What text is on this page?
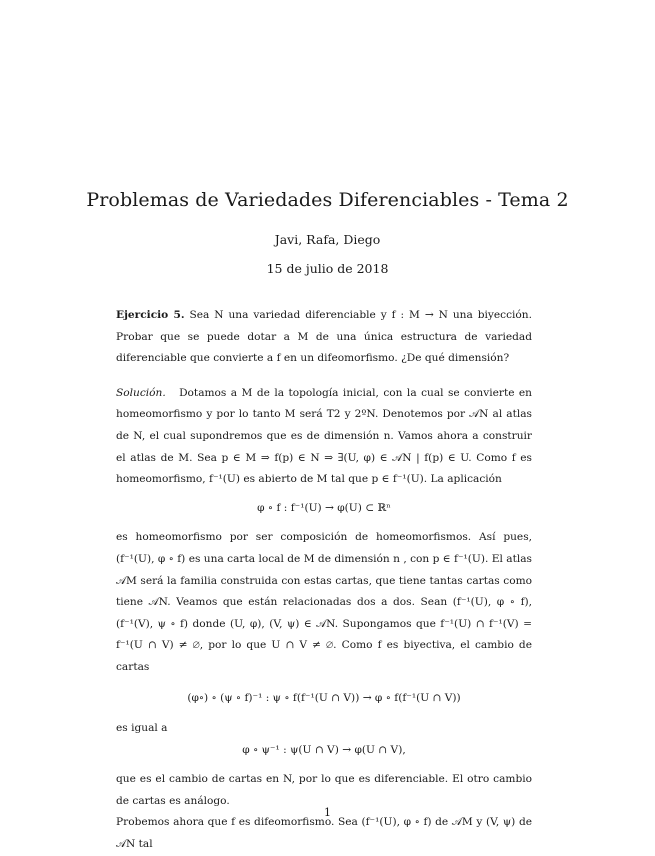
Problemas de Variedades Diferenciables - Tema 2
Javi, Rafa, Diego
15 de julio de 2018

Ejercicio 5. Sea N una variedad diferenciable y f : M → N una biyección. Probar que se puede dotar a M de una única estructura de variedad diferenciable que convierte a f en un difeomorfismo. ¿De qué dimensión?

Solución. Dotamos a M de la topología inicial, con la cual se convierte en homeomorfismo y por lo tanto M será T2 y 2ºN. Denotemos por 𝒜N al atlas de N, el cual supondremos que es de dimensión n. Vamos ahora a construir el atlas de M. Sea p ∈ M ⇒ f(p) ∈ N ⇒ ∃(U, φ) ∈ 𝒜N | f(p) ∈ U. Como f es homeomorfismo, f⁻¹(U) es abierto de M tal que p ∈ f⁻¹(U). La aplicación

φ ∘ f : f⁻¹(U) → φ(U) ⊂ ℝⁿ

es homeomorfismo por ser composición de homeomorfismos. Así pues, (f⁻¹(U), φ ∘ f) es una carta local de M de dimensión n , con p ∈ f⁻¹(U). El atlas 𝒜M será la familia construida con estas cartas, que tiene tantas cartas como tiene 𝒜N. Veamos que están relacionadas dos a dos. Sean (f⁻¹(U), φ ∘ f), (f⁻¹(V), ψ ∘ f) donde (U, φ), (V, ψ) ∈ 𝒜N. Supongamos que f⁻¹(U) ∩ f⁻¹(V) = f⁻¹(U ∩ V) ≠ ∅, por lo que U ∩ V ≠ ∅. Como f es biyectiva, el cambio de cartas

(φ∘) ∘ (ψ ∘ f)⁻¹ : ψ ∘ f(f⁻¹(U ∩ V)) → φ ∘ f(f⁻¹(U ∩ V))

es igual a

φ ∘ ψ⁻¹ : ψ(U ∩ V) → φ(U ∩ V),

que es el cambio de cartas en N, por lo que es diferenciable. El otro cambio de cartas es análogo.

Probemos ahora que f es difeomorfismo. Sea (f⁻¹(U), φ ∘ f) de 𝒜M y (V, ψ) de 𝒜N tal

1
